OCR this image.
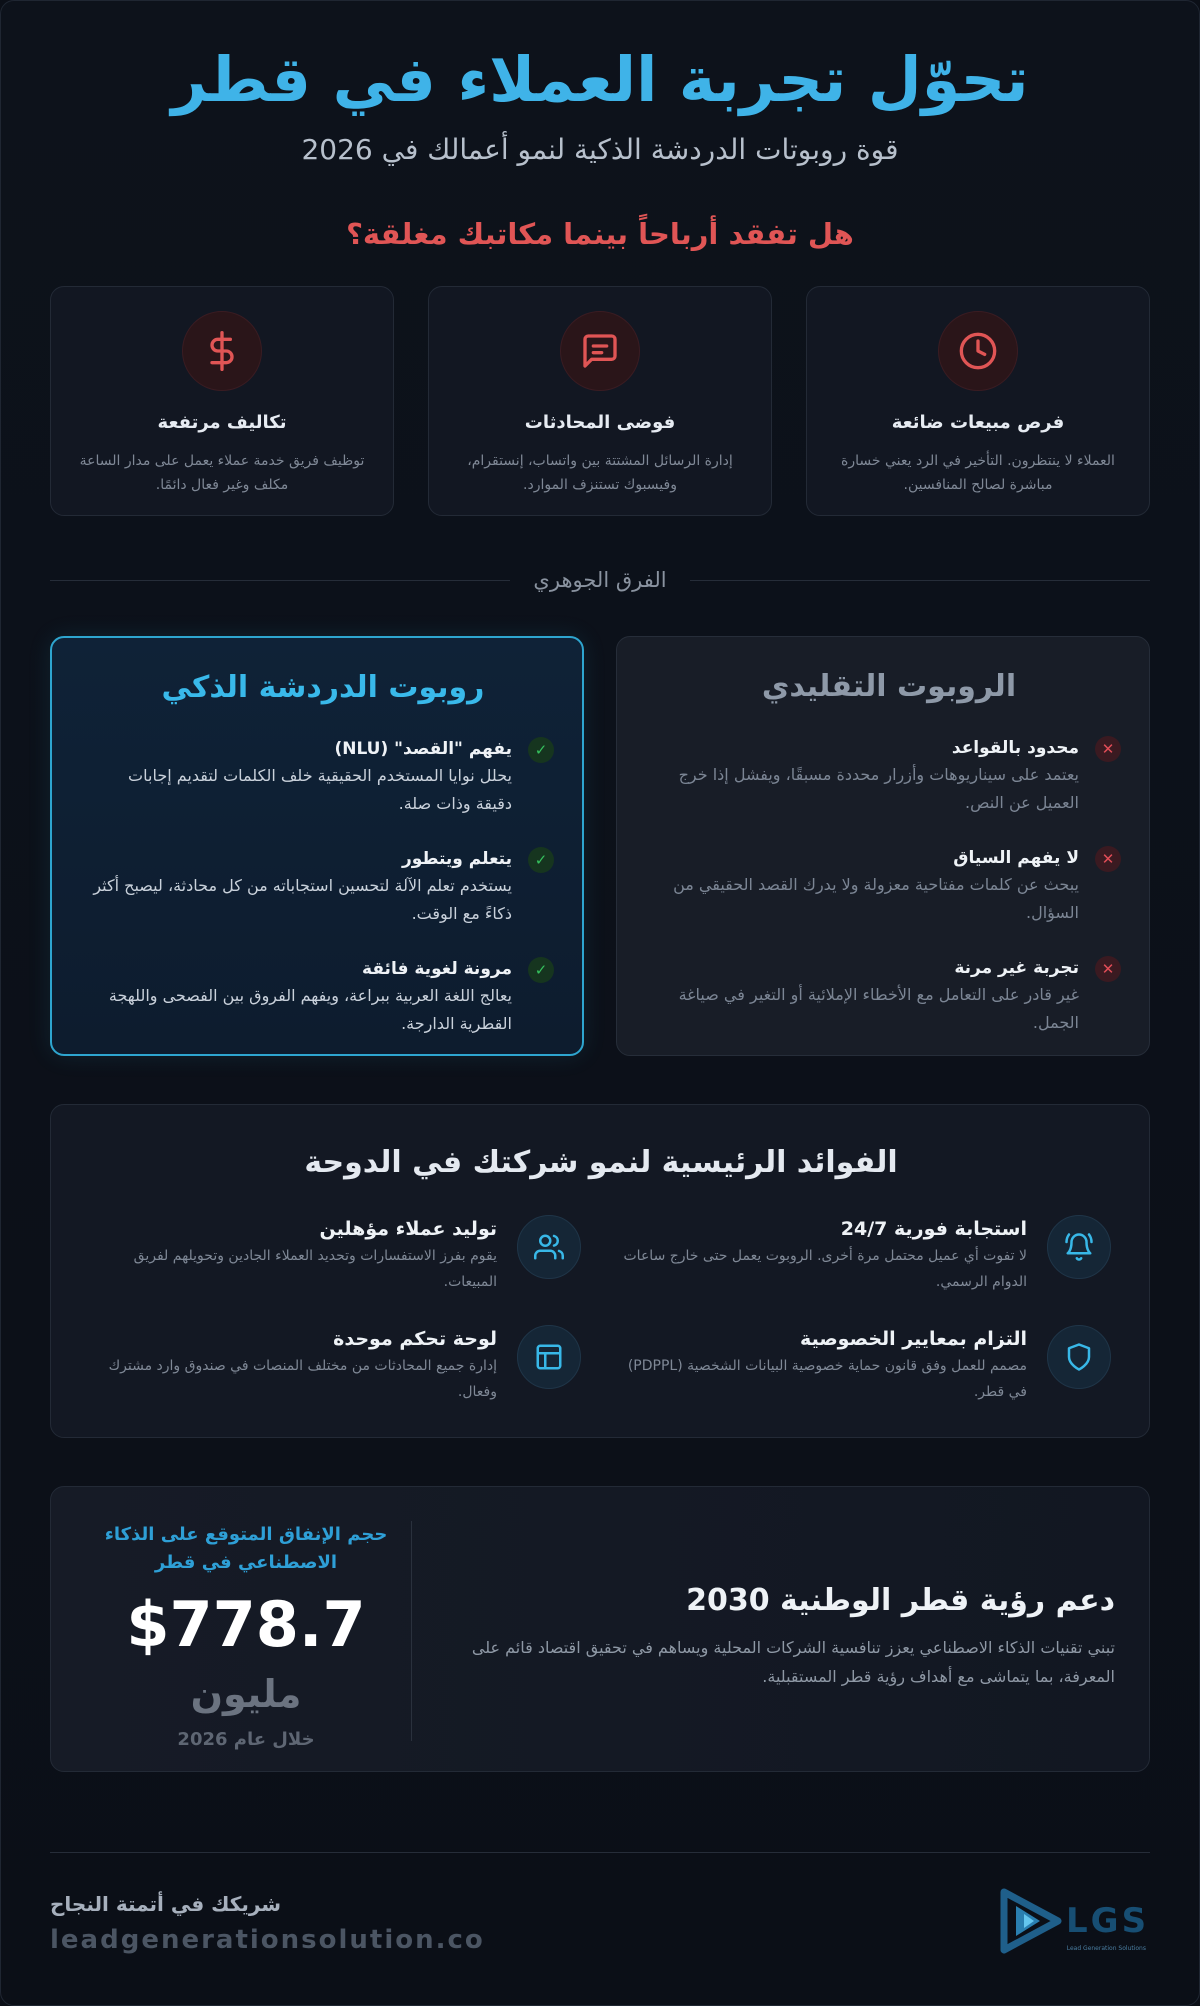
تحوّل تجربة العملاء في قطر
قوة روبوتات الدردشة الذكية لنمو أعمالك في 2026
هل تفقد أرباحاً بينما مكاتبك مغلقة؟
فرص مبيعات ضائعة
العملاء لا ينتظرون. التأخير في الرد يعني خسارة مباشرة لصالح المنافسين.
فوضى المحادثات
إدارة الرسائل المشتتة بين واتساب، إنستقرام، وفيسبوك تستنزف الموارد.
تكاليف مرتفعة
توظيف فريق خدمة عملاء يعمل على مدار الساعة مكلف وغير فعال دائمًا.
الفرق الجوهري
الروبوت التقليدي
✕
محدود بالقواعد
يعتمد على سيناريوهات وأزرار محددة مسبقًا، ويفشل إذا خرج العميل عن النص.
✕
لا يفهم السياق
يبحث عن كلمات مفتاحية معزولة ولا يدرك القصد الحقيقي من السؤال.
✕
تجربة غير مرنة
غير قادر على التعامل مع الأخطاء الإملائية أو التغير في صياغة الجمل.
روبوت الدردشة الذكي
✓
يفهم "القصد" (NLU)
يحلل نوايا المستخدم الحقيقية خلف الكلمات لتقديم إجابات دقيقة وذات صلة.
✓
يتعلم ويتطور
يستخدم تعلم الآلة لتحسين استجاباته من كل محادثة، ليصبح أكثر ذكاءً مع الوقت.
✓
مرونة لغوية فائقة
يعالج اللغة العربية ببراعة، ويفهم الفروق بين الفصحى واللهجة القطرية الدارجة.
الفوائد الرئيسية لنمو شركتك في الدوحة
استجابة فورية 24/7
لا تفوت أي عميل محتمل مرة أخرى. الروبوت يعمل حتى خارج ساعات الدوام الرسمي.
توليد عملاء مؤهلين
يقوم بفرز الاستفسارات وتحديد العملاء الجادين وتحويلهم لفريق المبيعات.
التزام بمعايير الخصوصية
مصمم للعمل وفق قانون حماية خصوصية البيانات الشخصية (PDPPL) في قطر.
لوحة تحكم موحدة
إدارة جميع المحادثات من مختلف المنصات في صندوق وارد مشترك وفعال.
دعم رؤية قطر الوطنية 2030
تبني تقنيات الذكاء الاصطناعي يعزز تنافسية الشركات المحلية ويساهم في تحقيق اقتصاد قائم على المعرفة، بما يتماشى مع أهداف رؤية قطر المستقبلية.
حجم الإنفاق المتوقع على الذكاء الاصطناعي في قطر
$778.7
مليون
خلال عام 2026
شريكك في أتمتة النجاح
leadgenerationsolution.co	LGS
Lead Generation Solutions
